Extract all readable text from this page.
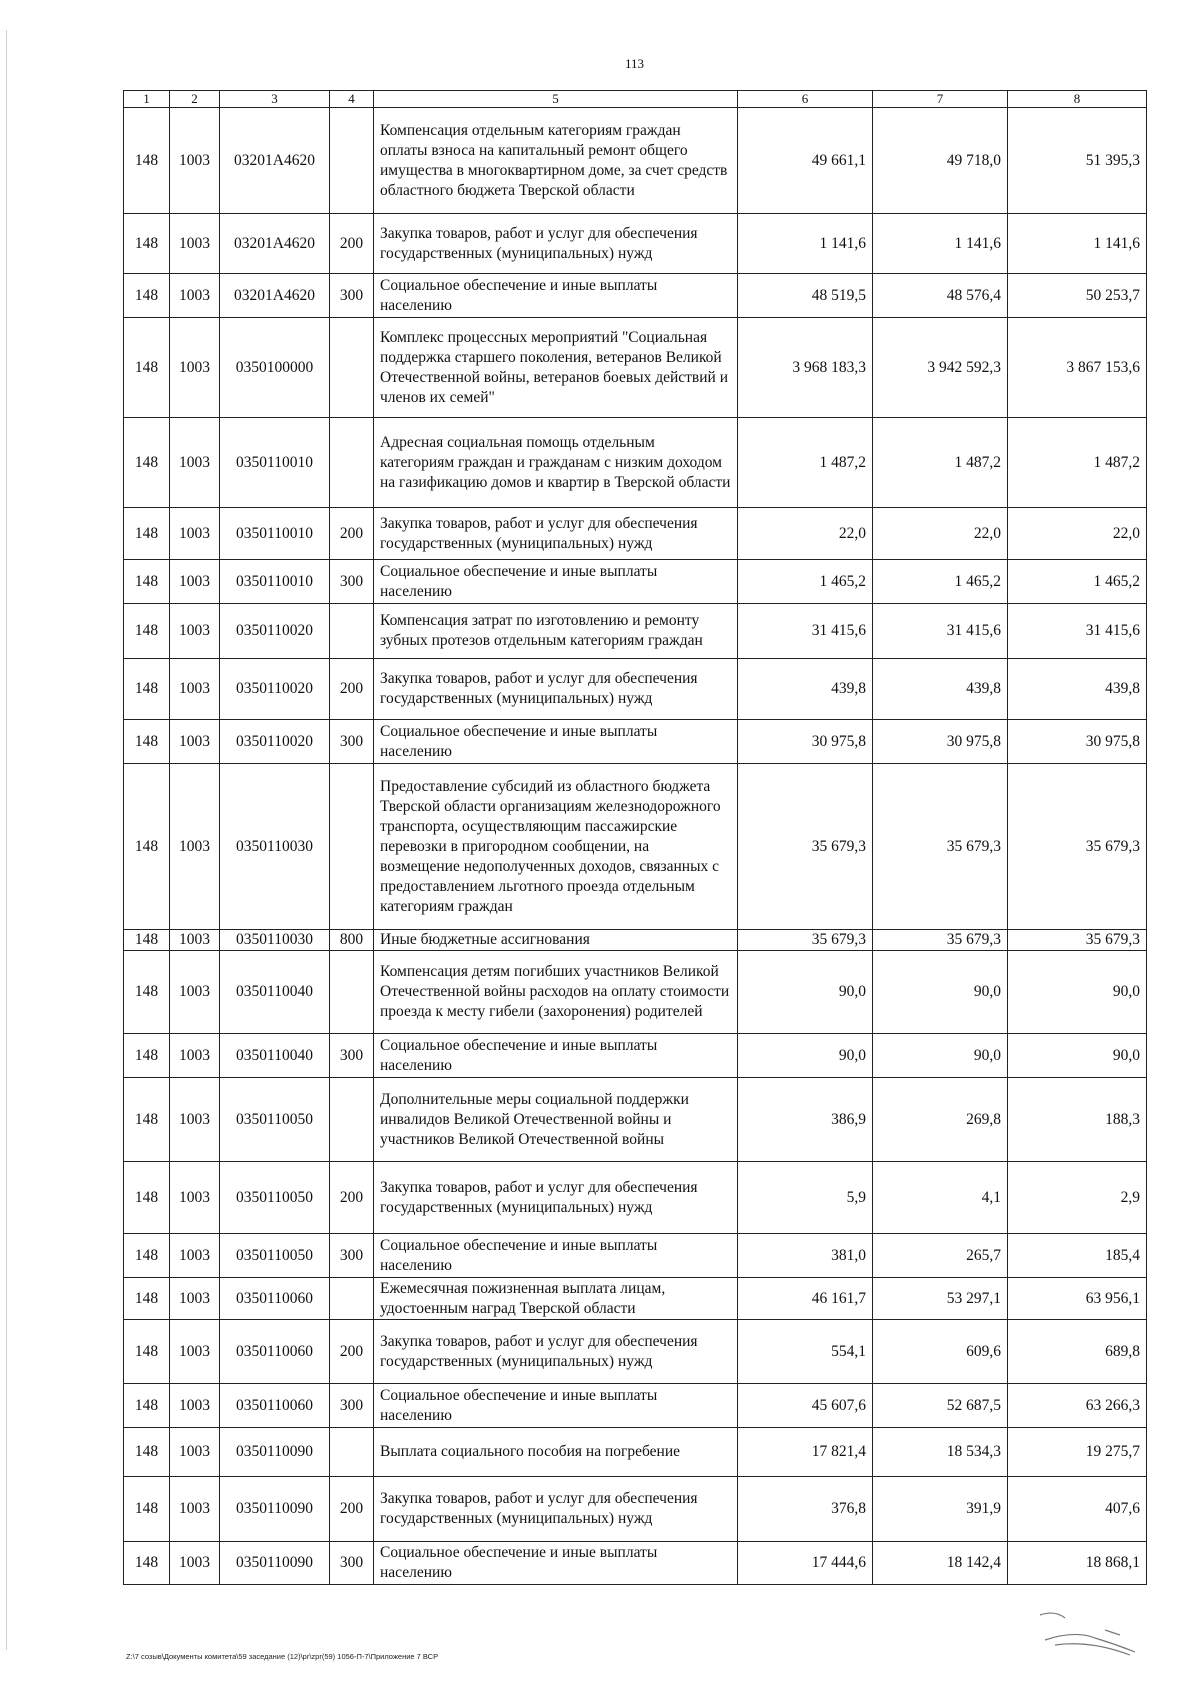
113
1	2	3	4	5	6	7	8
148	1003	03201A4620		Компенсация отдельным категориям граждан оплаты взноса на капитальный ремонт общего имущества в многоквартирном доме, за счет средств областного бюджета Тверской области	49 661,1	49 718,0	51 395,3
148	1003	03201A4620	200	Закупка товаров, работ и услуг для обеспечения государственных (муниципальных) нужд	1 141,6	1 141,6	1 141,6
148	1003	03201A4620	300	Социальное обеспечение и иные выплаты населению	48 519,5	48 576,4	50 253,7
148	1003	0350100000		Комплекс процессных мероприятий "Социальная поддержка старшего поколения, ветеранов Великой Отечественной войны, ветеранов боевых действий и членов их семей"	3 968 183,3	3 942 592,3	3 867 153,6
148	1003	0350110010		Адресная социальная помощь отдельным категориям граждан и гражданам с низким доходом на газификацию домов и квартир в Тверской области	1 487,2	1 487,2	1 487,2
148	1003	0350110010	200	Закупка товаров, работ и услуг для обеспечения государственных (муниципальных) нужд	22,0	22,0	22,0
148	1003	0350110010	300	Социальное обеспечение и иные выплаты населению	1 465,2	1 465,2	1 465,2
148	1003	0350110020		Компенсация затрат по изготовлению и ремонту зубных протезов отдельным категориям граждан	31 415,6	31 415,6	31 415,6
148	1003	0350110020	200	Закупка товаров, работ и услуг для обеспечения государственных (муниципальных) нужд	439,8	439,8	439,8
148	1003	0350110020	300	Социальное обеспечение и иные выплаты населению	30 975,8	30 975,8	30 975,8
148	1003	0350110030		Предоставление субсидий из областного бюджета Тверской области организациям железнодорожного транспорта, осуществляющим пассажирские перевозки в пригородном сообщении, на возмещение недополученных доходов, связанных с предоставлением льготного проезда отдельным категориям граждан	35 679,3	35 679,3	35 679,3
148	1003	0350110030	800	Иные бюджетные ассигнования	35 679,3	35 679,3	35 679,3
148	1003	0350110040		Компенсация детям погибших участников Великой Отечественной войны расходов на оплату стоимости проезда к месту гибели (захоронения) родителей	90,0	90,0	90,0
148	1003	0350110040	300	Социальное обеспечение и иные выплаты населению	90,0	90,0	90,0
148	1003	0350110050		Дополнительные меры социальной поддержки инвалидов Великой Отечественной войны и участников Великой Отечественной войны	386,9	269,8	188,3
148	1003	0350110050	200	Закупка товаров, работ и услуг для обеспечения государственных (муниципальных) нужд	5,9	4,1	2,9
148	1003	0350110050	300	Социальное обеспечение и иные выплаты населению	381,0	265,7	185,4
148	1003	0350110060		Ежемесячная пожизненная выплата лицам, удостоенным наград Тверской области	46 161,7	53 297,1	63 956,1
148	1003	0350110060	200	Закупка товаров, работ и услуг для обеспечения государственных (муниципальных) нужд	554,1	609,6	689,8
148	1003	0350110060	300	Социальное обеспечение и иные выплаты населению	45 607,6	52 687,5	63 266,3
148	1003	0350110090		Выплата социального пособия на погребение	17 821,4	18 534,3	19 275,7
148	1003	0350110090	200	Закупка товаров, работ и услуг для обеспечения государственных (муниципальных) нужд	376,8	391,9	407,6
148	1003	0350110090	300	Социальное обеспечение и иные выплаты населению	17 444,6	18 142,4	18 868,1
Z:\7 созыв\Документы комитета\59 заседание (12)\pr\zpr(59) 1056-П-7\Приложение 7 ВСР
